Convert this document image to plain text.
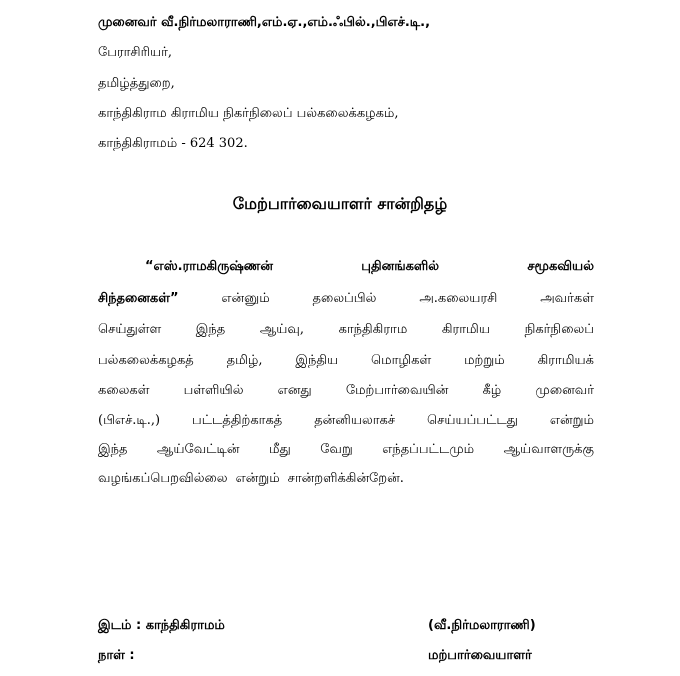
முனைவர் வீ.நிர்மலாராணி,எம்.ஏ.,எம்.ஃபில்.,பிஎச்.டி.,
பேராசிரியர்,
தமிழ்த்துறை,
காந்திகிராம கிராமிய நிகர்நிலைப் பல்கலைக்கழகம்,
காந்திகிராமம் - 624 302.
மேற்பார்வையாளர் சான்றிதழ்
“எஸ்.ராமகிருஷ்ணன்	புதினங்களில்	சமூகவியல்
சிந்தனைகள்”	என்னும்	தலைப்பில்	அ.கலையரசி	அவர்கள்
செய்துள்ள	இந்த	ஆய்வு,	காந்திகிராம	கிராமிய	நிகர்நிலைப்
பல்கலைக்கழகத்	தமிழ்,	இந்திய	மொழிகள்	மற்றும்	கிராமியக்
கலைகள்	பள்ளியில்	எனது	மேற்பார்வையின்	கீழ்	முனைவர்
(பிஎச்.டி.,) பட்டத்திற்காகத் தன்னியலாகச் செய்யப்பட்டது என்றும்
இந்த ஆய்வேட்டின் மீது வேறு எந்தப்பட்டமும் ஆய்வாளருக்கு
வழங்கப்பெறவில்லை என்றும் சான்றளிக்கின்றேன்.
இடம் : காந்திகிராமம்
நாள் :
(வீ.நிர்மலாராணி)
மற்பார்வையாளர்
